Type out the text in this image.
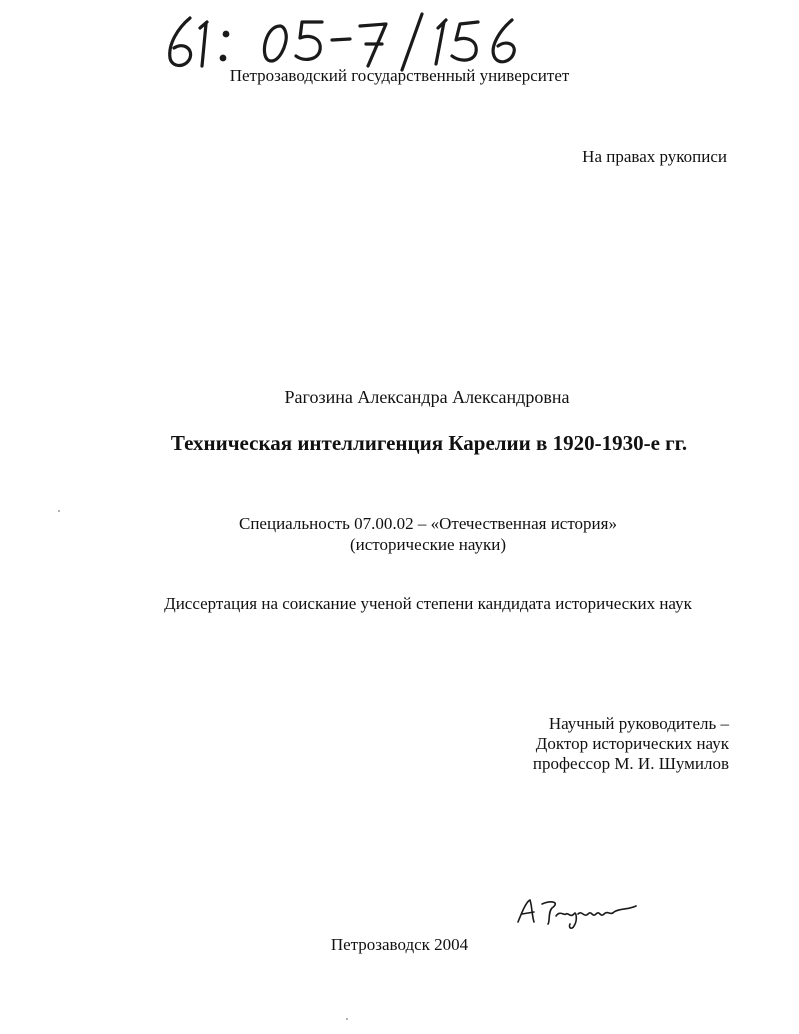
Петрозаводский государственный университет
На правах рукописи
Рагозина Александра Александровна
Техническая интеллигенция Карелии в 1920-1930-е гг.
Специальность 07.00.02 – «Отечественная история»
(исторические науки)
Диссертация на соискание ученой степени кандидата исторических наук
Научный руководитель –
Доктор исторических наук
профессор М. И. Шумилов
Петрозаводск 2004
